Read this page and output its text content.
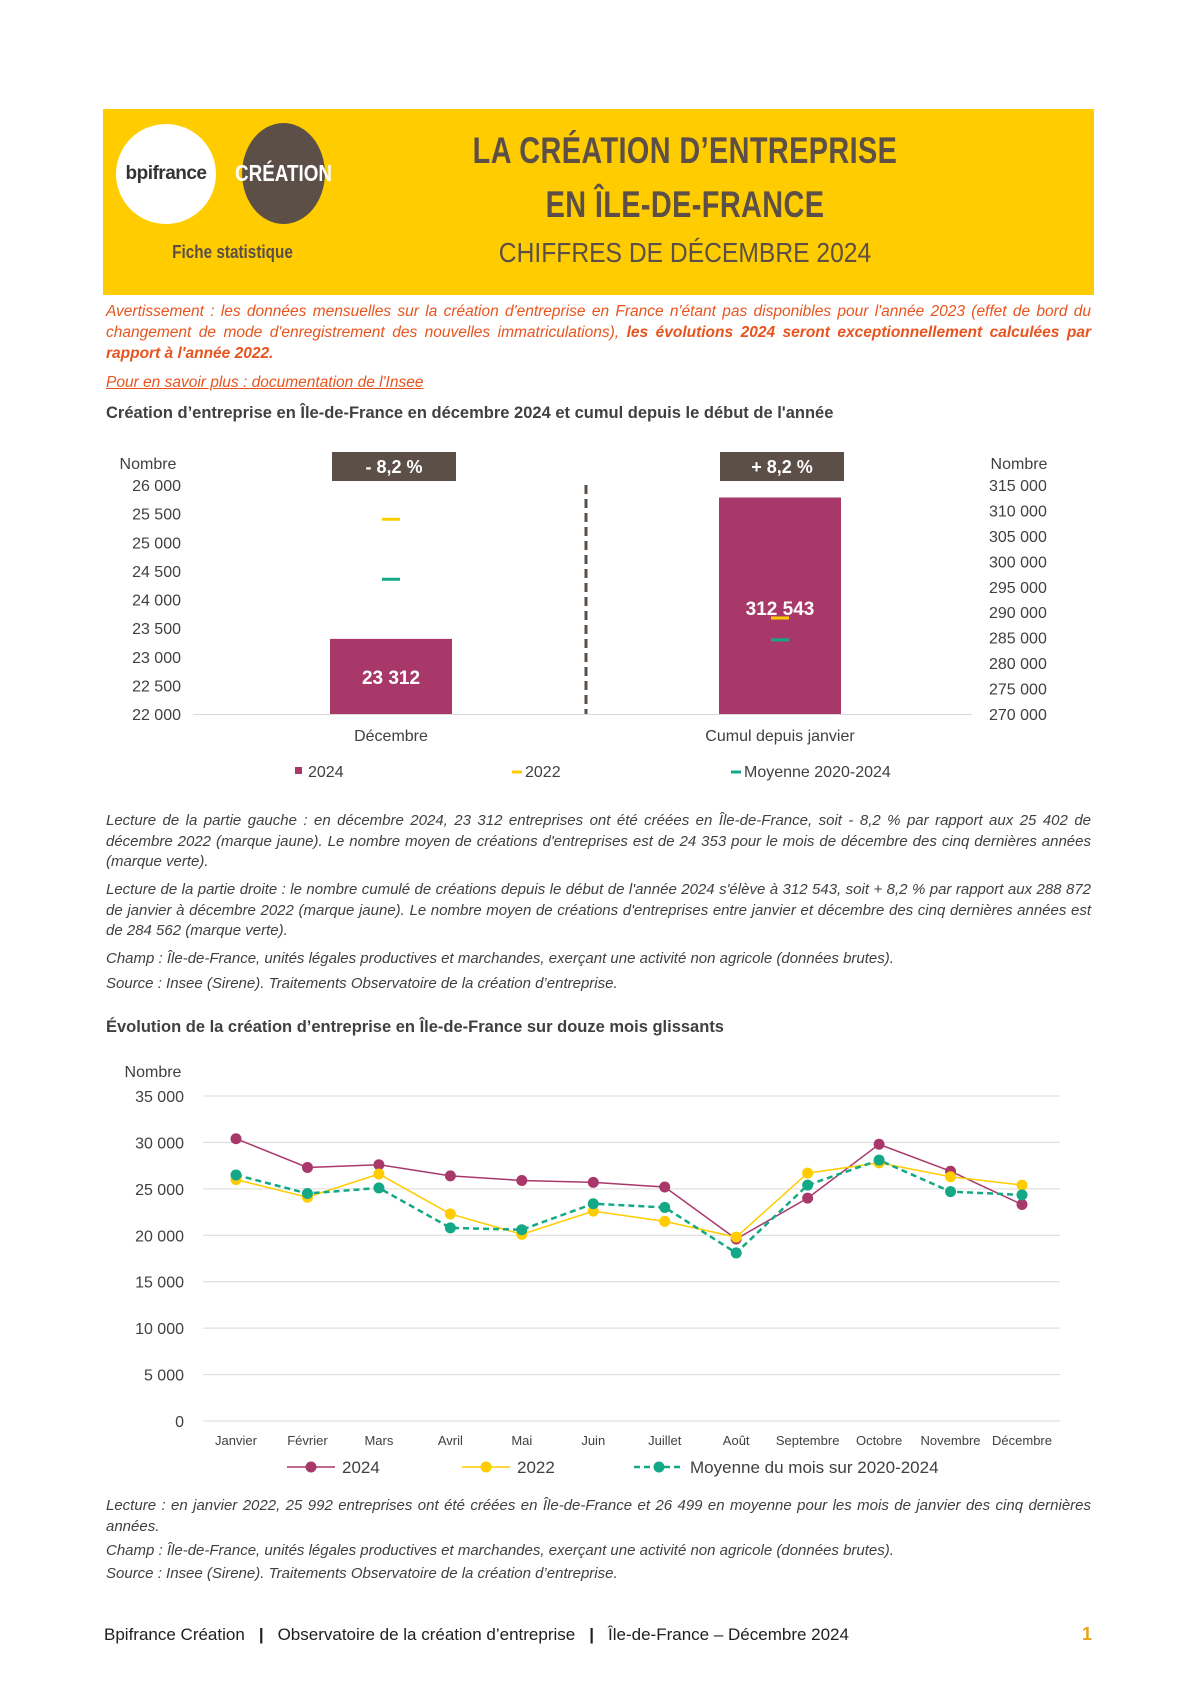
bpifrance CRÉATION
Fiche statistique
LA CRÉATION D’ENTREPRISE
EN ÎLE-DE-FRANCE
CHIFFRES DE DÉCEMBRE 2024
Avertissement : les données mensuelles sur la création d'entreprise en France n'étant pas disponibles pour l'année 2023 (effet de bord du changement de mode d'enregistrement des nouvelles immatriculations), les évolutions 2024 seront exceptionnellement calculées par rapport à l'année 2022.
Pour en savoir plus : documentation de l'Insee
Création d’entreprise en Île-de-France en décembre 2024 et cumul depuis le début de l'année
Nombre	Nombre
26 000
25 500
25 000
24 500
24 000
23 500
23 000
22 500
22 000
315 000
310 000
305 000
300 000
295 000
290 000
285 000
280 000
275 000
270 000
23 312
312 543
- 8,2 %	+ 8,2 %
Décembre	Cumul depuis janvier
2024	2022	Moyenne 2020-2024
Lecture de la partie gauche : en décembre 2024, 23 312 entreprises ont été créées en Île-de-France, soit - 8,2 % par rapport aux 25 402 de décembre 2022 (marque jaune). Le nombre moyen de créations d'entreprises est de 24 353 pour le mois de décembre des cinq dernières années (marque verte).
Lecture de la partie droite : le nombre cumulé de créations depuis le début de l'année 2024 s'élève à 312 543, soit + 8,2 % par rapport aux 288 872 de janvier à décembre 2022 (marque jaune). Le nombre moyen de créations d'entreprises entre janvier et décembre des cinq dernières années est de 284 562 (marque verte).
Champ : Île-de-France, unités légales productives et marchandes, exerçant une activité non agricole (données brutes).
Source : Insee (Sirene). Traitements Observatoire de la création d’entreprise.
Évolution de la création d’entreprise en Île-de-France sur douze mois glissants
Nombre
35 000
30 000
25 000
20 000
15 000
10 000
5 000
0
Janvier Février	Mars	Avril	Mai	Juin	Juillet	Août Septembre Octobre Novembre Décembre
2024	2022	Moyenne du mois sur 2020-2024
Lecture : en janvier 2022, 25 992 entreprises ont été créées en Île-de-France et 26 499 en moyenne pour les mois de janvier des cinq dernières années.
Champ : Île-de-France, unités légales productives et marchandes, exerçant une activité non agricole (données brutes).
Source : Insee (Sirene). Traitements Observatoire de la création d’entreprise.
Bpifrance Création | Observatoire de la création d’entreprise | Île-de-France – Décembre 2024	1
